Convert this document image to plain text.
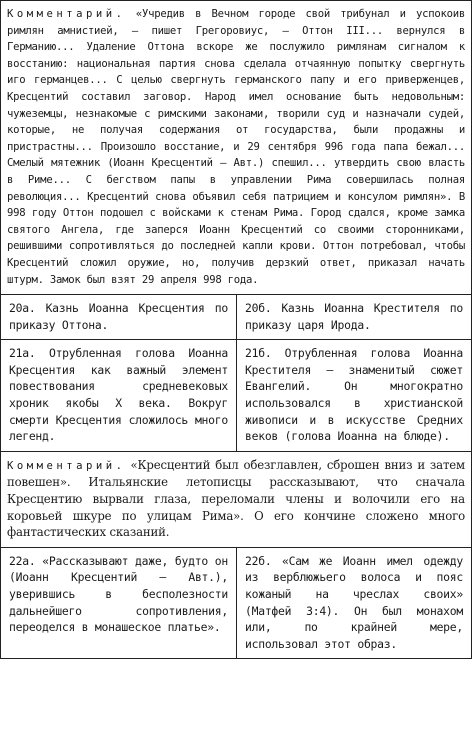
Комментарий. «Учредив в Вечном городе свой трибунал и успокоив римлян амнистией, – пишет Грегоровиус, – Оттон III... вернулся в Германию... Удаление Оттона вскоре же послужило римлянам сигналом к восстанию: национальная партия снова сделала отчаянную попытку свергнуть иго германцев... С целью свергнуть германского папу и его приверженцев, Кресцентий составил заговор. Народ имел основание быть недовольным: чужеземцы, незнакомые с римскими законами, творили суд и назначали судей, которые, не получая содержания от государства, были продажны и пристрастны... Произошло восстание, и 29 сентября 996 года папа бежал... Смелый мятежник (Иоанн Кресцентий – Авт.) спешил... утвердить свою власть в Риме... С бегством папы в управлении Рима совершилась полная революция... Кресцентий снова объявил себя патрицием и консулом римлян». В 998 году Оттон подошел с войсками к стенам Рима. Город сдался, кроме замка святого Ангела, где заперся Иоанн Кресцентий со своими сторонниками, решившими сопротивляться до последней капли крови. Оттон потребовал, чтобы Кресцентий сложил оружие, но, получив дерзкий ответ, приказал начать штурм. Замок был взят 29 апреля 998 года.

20а. Казнь Иоанна Кресцентия по приказу Оттона.

20б. Казнь Иоанна Крестителя по приказу царя Ирода.

21а. Отрубленная голова Иоанна Кресцентия как важный элемент повествования средневековых хроник якобы X века. Вокруг смерти Кресцентия сложилось много легенд.

21б. Отрубленная голова Иоанна Крестителя – знаменитый сюжет Евангелий. Он многократно использовался в христианской живописи и в искусстве Средних веков (голова Иоанна на блюде).

Комментарий. «Кресцентий был обезглавлен, сброшен вниз и затем повешен». Итальянские летописцы рассказывают, что сначала Кресцентию вырвали глаза, переломали члены и волочили его на коровьей шкуре по улицам Рима». О его кончине сложено много фантастических сказаний.

22а. «Рассказывают даже, будто он (Иоанн Кресцентий – Авт.), уверившись в бесполезности дальнейшего сопротивления, переоделся в монашеское платье».

22б. «Сам же Иоанн имел одежду из верблюжьего волоса и пояс кожаный на чреслах своих» (Матфей 3:4). Он был монахом или, по крайней мере, использовал этот образ.
